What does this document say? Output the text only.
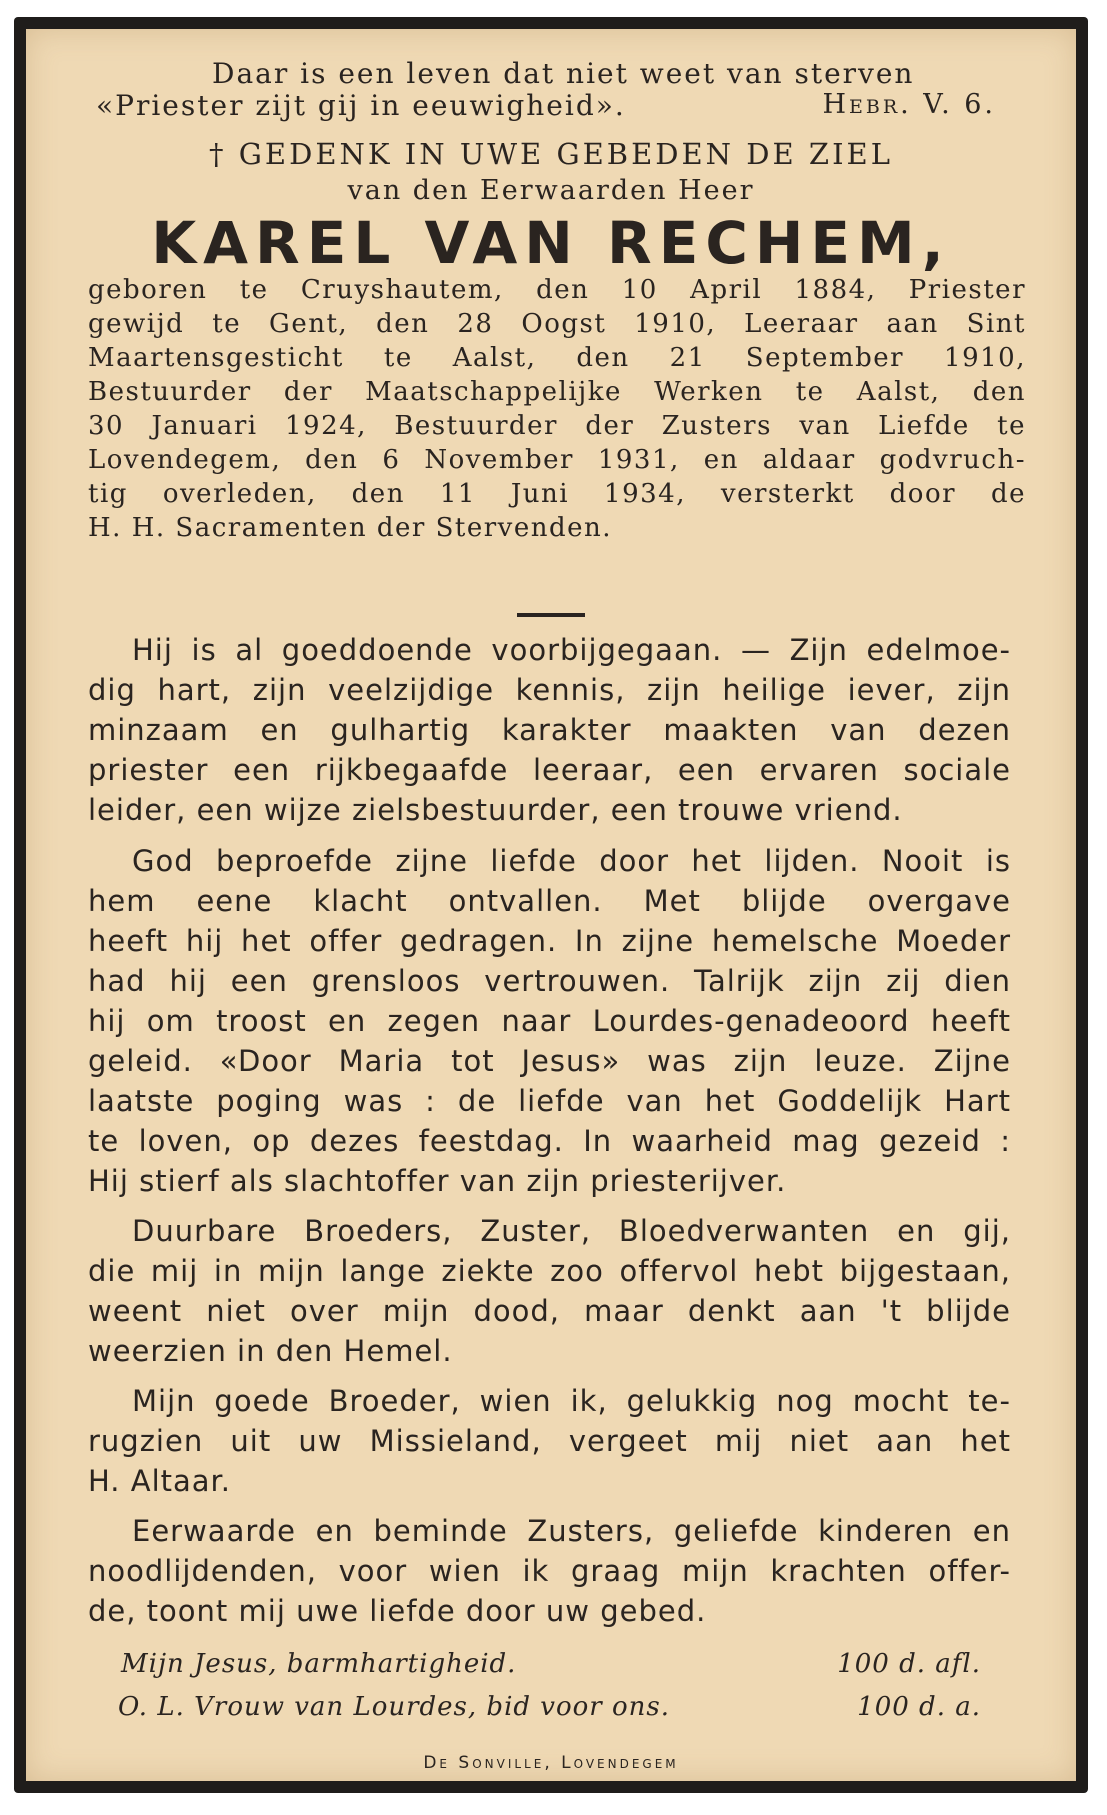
Daar is een leven dat niet weet van sterven
«Priester zijt gij in eeuwigheid».	Hebr. V. 6.
† GEDENK IN UWE GEBEDEN DE ZIEL
van den Eerwaarden Heer
KAREL VAN RECHEM,
geboren te Cruyshautem, den 10 April 1884, Priester
gewijd te Gent, den 28 Oogst 1910, Leeraar aan Sint
Maartensgesticht te Aalst, den 21 September 1910,
Bestuurder der Maatschappelijke Werken te Aalst, den
30 Januari 1924, Bestuurder der Zusters van Liefde te
Lovendegem, den 6 November 1931, en aldaar godvruch-
tig overleden, den 11 Juni 1934, versterkt door de
H. H. Sacramenten der Stervenden.
Hij is al goeddoende voorbijgegaan. — Zijn edelmoe-
dig hart, zijn veelzijdige kennis, zijn heilige iever, zijn
minzaam en gulhartig karakter maakten van dezen
priester een rijkbegaafde leeraar, een ervaren sociale
leider, een wijze zielsbestuurder, een trouwe vriend.
God beproefde zijne liefde door het lijden. Nooit is
hem eene klacht ontvallen. Met blijde overgave
heeft hij het offer gedragen. In zijne hemelsche Moeder
had hij een grensloos vertrouwen. Talrijk zijn zij dien
hij om troost en zegen naar Lourdes-genadeoord heeft
geleid. «Door Maria tot Jesus» was zijn leuze. Zijne
laatste poging was : de liefde van het Goddelijk Hart
te loven, op dezes feestdag. In waarheid mag gezeid :
Hij stierf als slachtoffer van zijn priesterijver.
Duurbare Broeders, Zuster, Bloedverwanten en gij,
die mij in mijn lange ziekte zoo offervol hebt bijgestaan,
weent niet over mijn dood, maar denkt aan 't blijde
weerzien in den Hemel.
Mijn goede Broeder, wien ik, gelukkig nog mocht te-
rugzien uit uw Missieland, vergeet mij niet aan het
H. Altaar.
Eerwaarde en beminde Zusters, geliefde kinderen en
noodlijdenden, voor wien ik graag mijn krachten offer-
de, toont mij uwe liefde door uw gebed.
Mijn Jesus, barmhartigheid.	100 d. afl.
O. L. Vrouw van Lourdes, bid voor ons.	100 d. a.
De Sonville, Lovendegem
